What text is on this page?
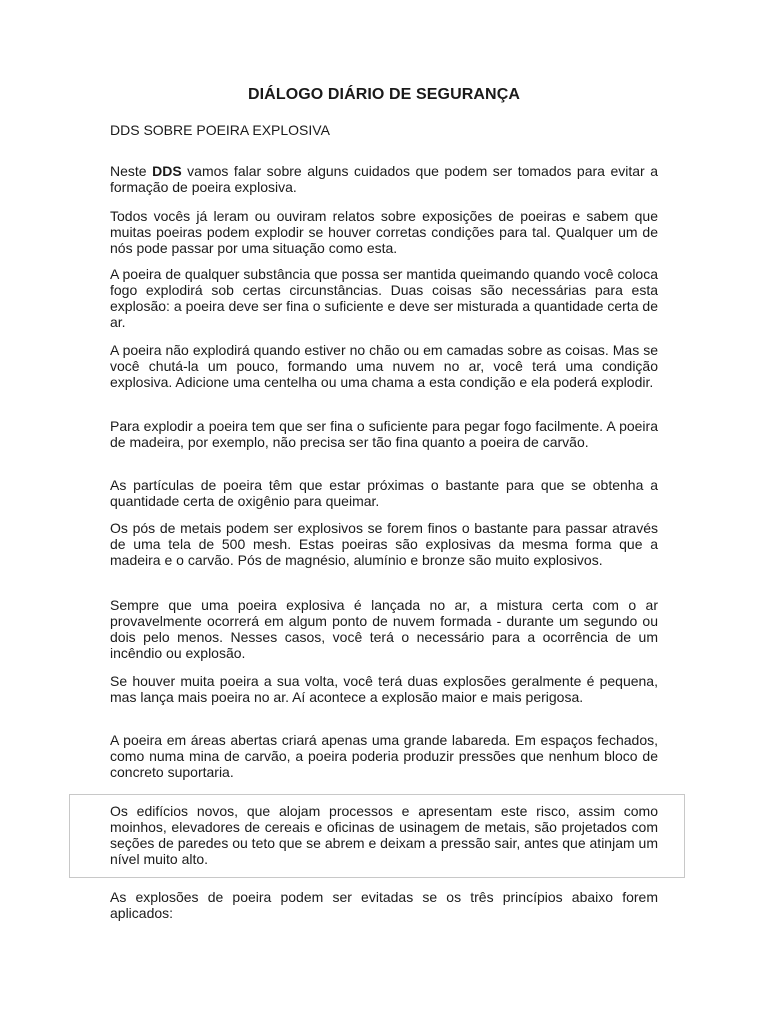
DIÁLOGO DIÁRIO DE SEGURANÇA
DDS SOBRE POEIRA EXPLOSIVA
Neste DDS vamos falar sobre alguns cuidados que podem ser tomados para evitar a formação de poeira explosiva.
Todos vocês já leram ou ouviram relatos sobre exposições de poeiras e sabem que muitas poeiras podem explodir se houver corretas condições para tal. Qualquer um de nós pode passar por uma situação como esta.
A poeira de qualquer substância que possa ser mantida queimando quando você coloca fogo explodirá sob certas circunstâncias. Duas coisas são necessárias para esta explosão: a poeira deve ser fina o suficiente e deve ser misturada a quantidade certa de ar.
A poeira não explodirá quando estiver no chão ou em camadas sobre as coisas. Mas se você chutá-la um pouco, formando uma nuvem no ar, você terá uma condição explosiva. Adicione uma centelha ou uma chama a esta condição e ela poderá explodir.
Para explodir a poeira tem que ser fina o suficiente para pegar fogo facilmente. A poeira de madeira, por exemplo, não precisa ser tão fina quanto a poeira de carvão.
As partículas de poeira têm que estar próximas o bastante para que se obtenha a quantidade certa de oxigênio para queimar.
Os pós de metais podem ser explosivos se forem finos o bastante para passar através de uma tela de 500 mesh. Estas poeiras são explosivas da mesma forma que a madeira e o carvão. Pós de magnésio, alumínio e bronze são muito explosivos.
Sempre que uma poeira explosiva é lançada no ar, a mistura certa com o ar provavelmente ocorrerá em algum ponto de nuvem formada - durante um segundo ou dois pelo menos. Nesses casos, você terá o necessário para a ocorrência de um incêndio ou explosão.
Se houver muita poeira a sua volta, você terá duas explosões geralmente é pequena, mas lança mais poeira no ar. Aí acontece a explosão maior e mais perigosa.
A poeira em áreas abertas criará apenas uma grande labareda. Em espaços fechados, como numa mina de carvão, a poeira poderia produzir pressões que nenhum bloco de concreto suportaria.
Os edifícios novos, que alojam processos e apresentam este risco, assim como moinhos, elevadores de cereais e oficinas de usinagem de metais, são projetados com seções de paredes ou teto que se abrem e deixam a pressão sair, antes que atinjam um nível muito alto.
As explosões de poeira podem ser evitadas se os três princípios abaixo forem aplicados:
